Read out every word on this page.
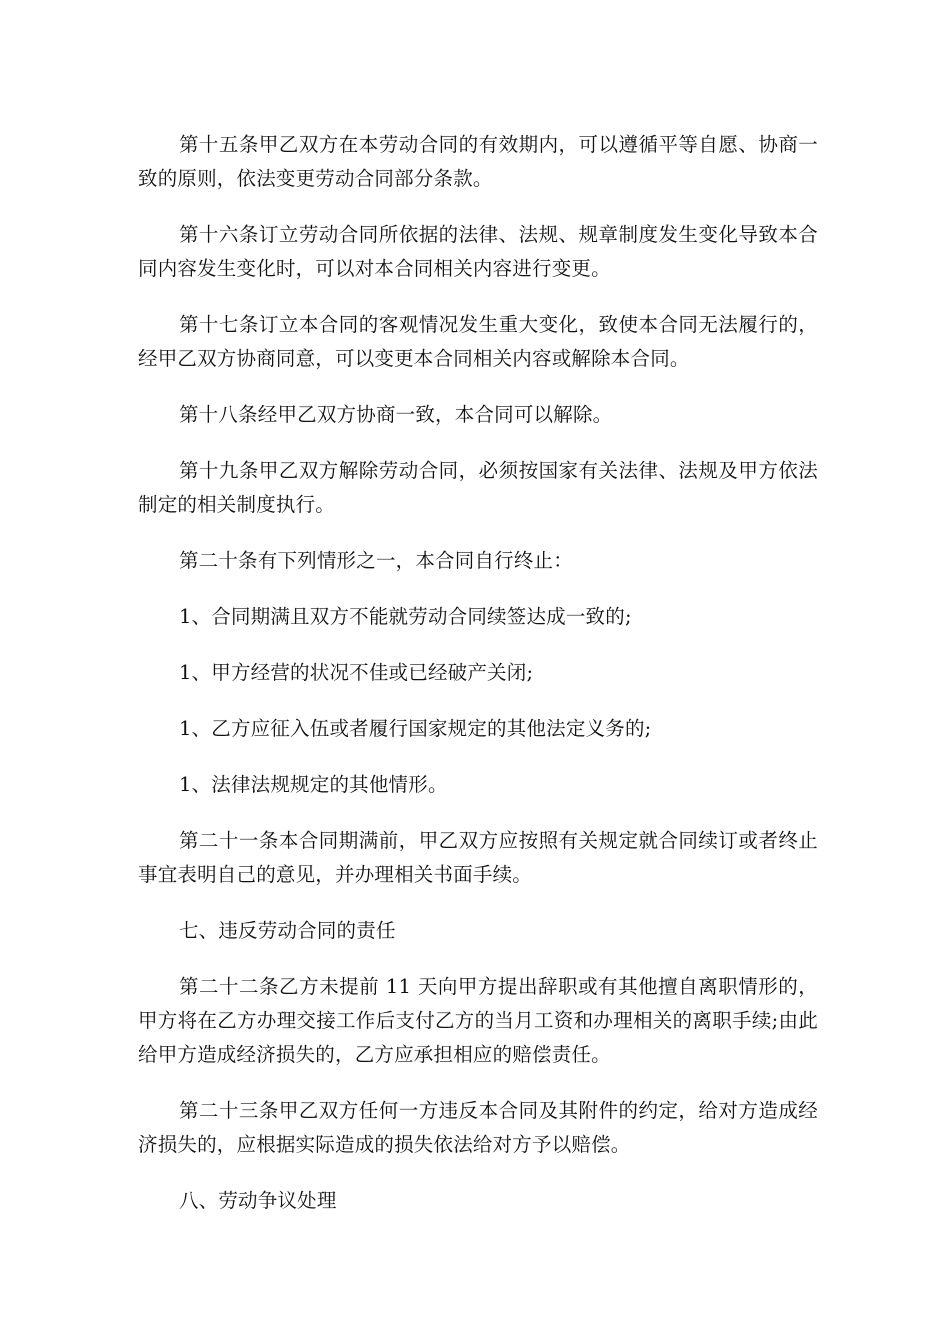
第十五条甲乙双方在本劳动合同的有效期内，可以遵循平等自愿、协商一致的原则，依法变更劳动合同部分条款。

第十六条订立劳动合同所依据的法律、法规、规章制度发生变化导致本合同内容发生变化时，可以对本合同相关内容进行变更。

第十七条订立本合同的客观情况发生重大变化，致使本合同无法履行的，经甲乙双方协商同意，可以变更本合同相关内容或解除本合同。

第十八条经甲乙双方协商一致，本合同可以解除。

第十九条甲乙双方解除劳动合同，必须按国家有关法律、法规及甲方依法制定的相关制度执行。

第二十条有下列情形之一，本合同自行终止：

1、合同期满且双方不能就劳动合同续签达成一致的;

1、甲方经营的状况不佳或已经破产关闭;

1、乙方应征入伍或者履行国家规定的其他法定义务的;

1、法律法规规定的其他情形。

第二十一条本合同期满前，甲乙双方应按照有关规定就合同续订或者终止事宜表明自己的意见，并办理相关书面手续。

七、违反劳动合同的责任

第二十二条乙方未提前 11 天向甲方提出辞职或有其他擅自离职情形的，甲方将在乙方办理交接工作后支付乙方的当月工资和办理相关的离职手续;由此给甲方造成经济损失的，乙方应承担相应的赔偿责任。

第二十三条甲乙双方任何一方违反本合同及其附件的约定，给对方造成经济损失的，应根据实际造成的损失依法给对方予以赔偿。

八、劳动争议处理
